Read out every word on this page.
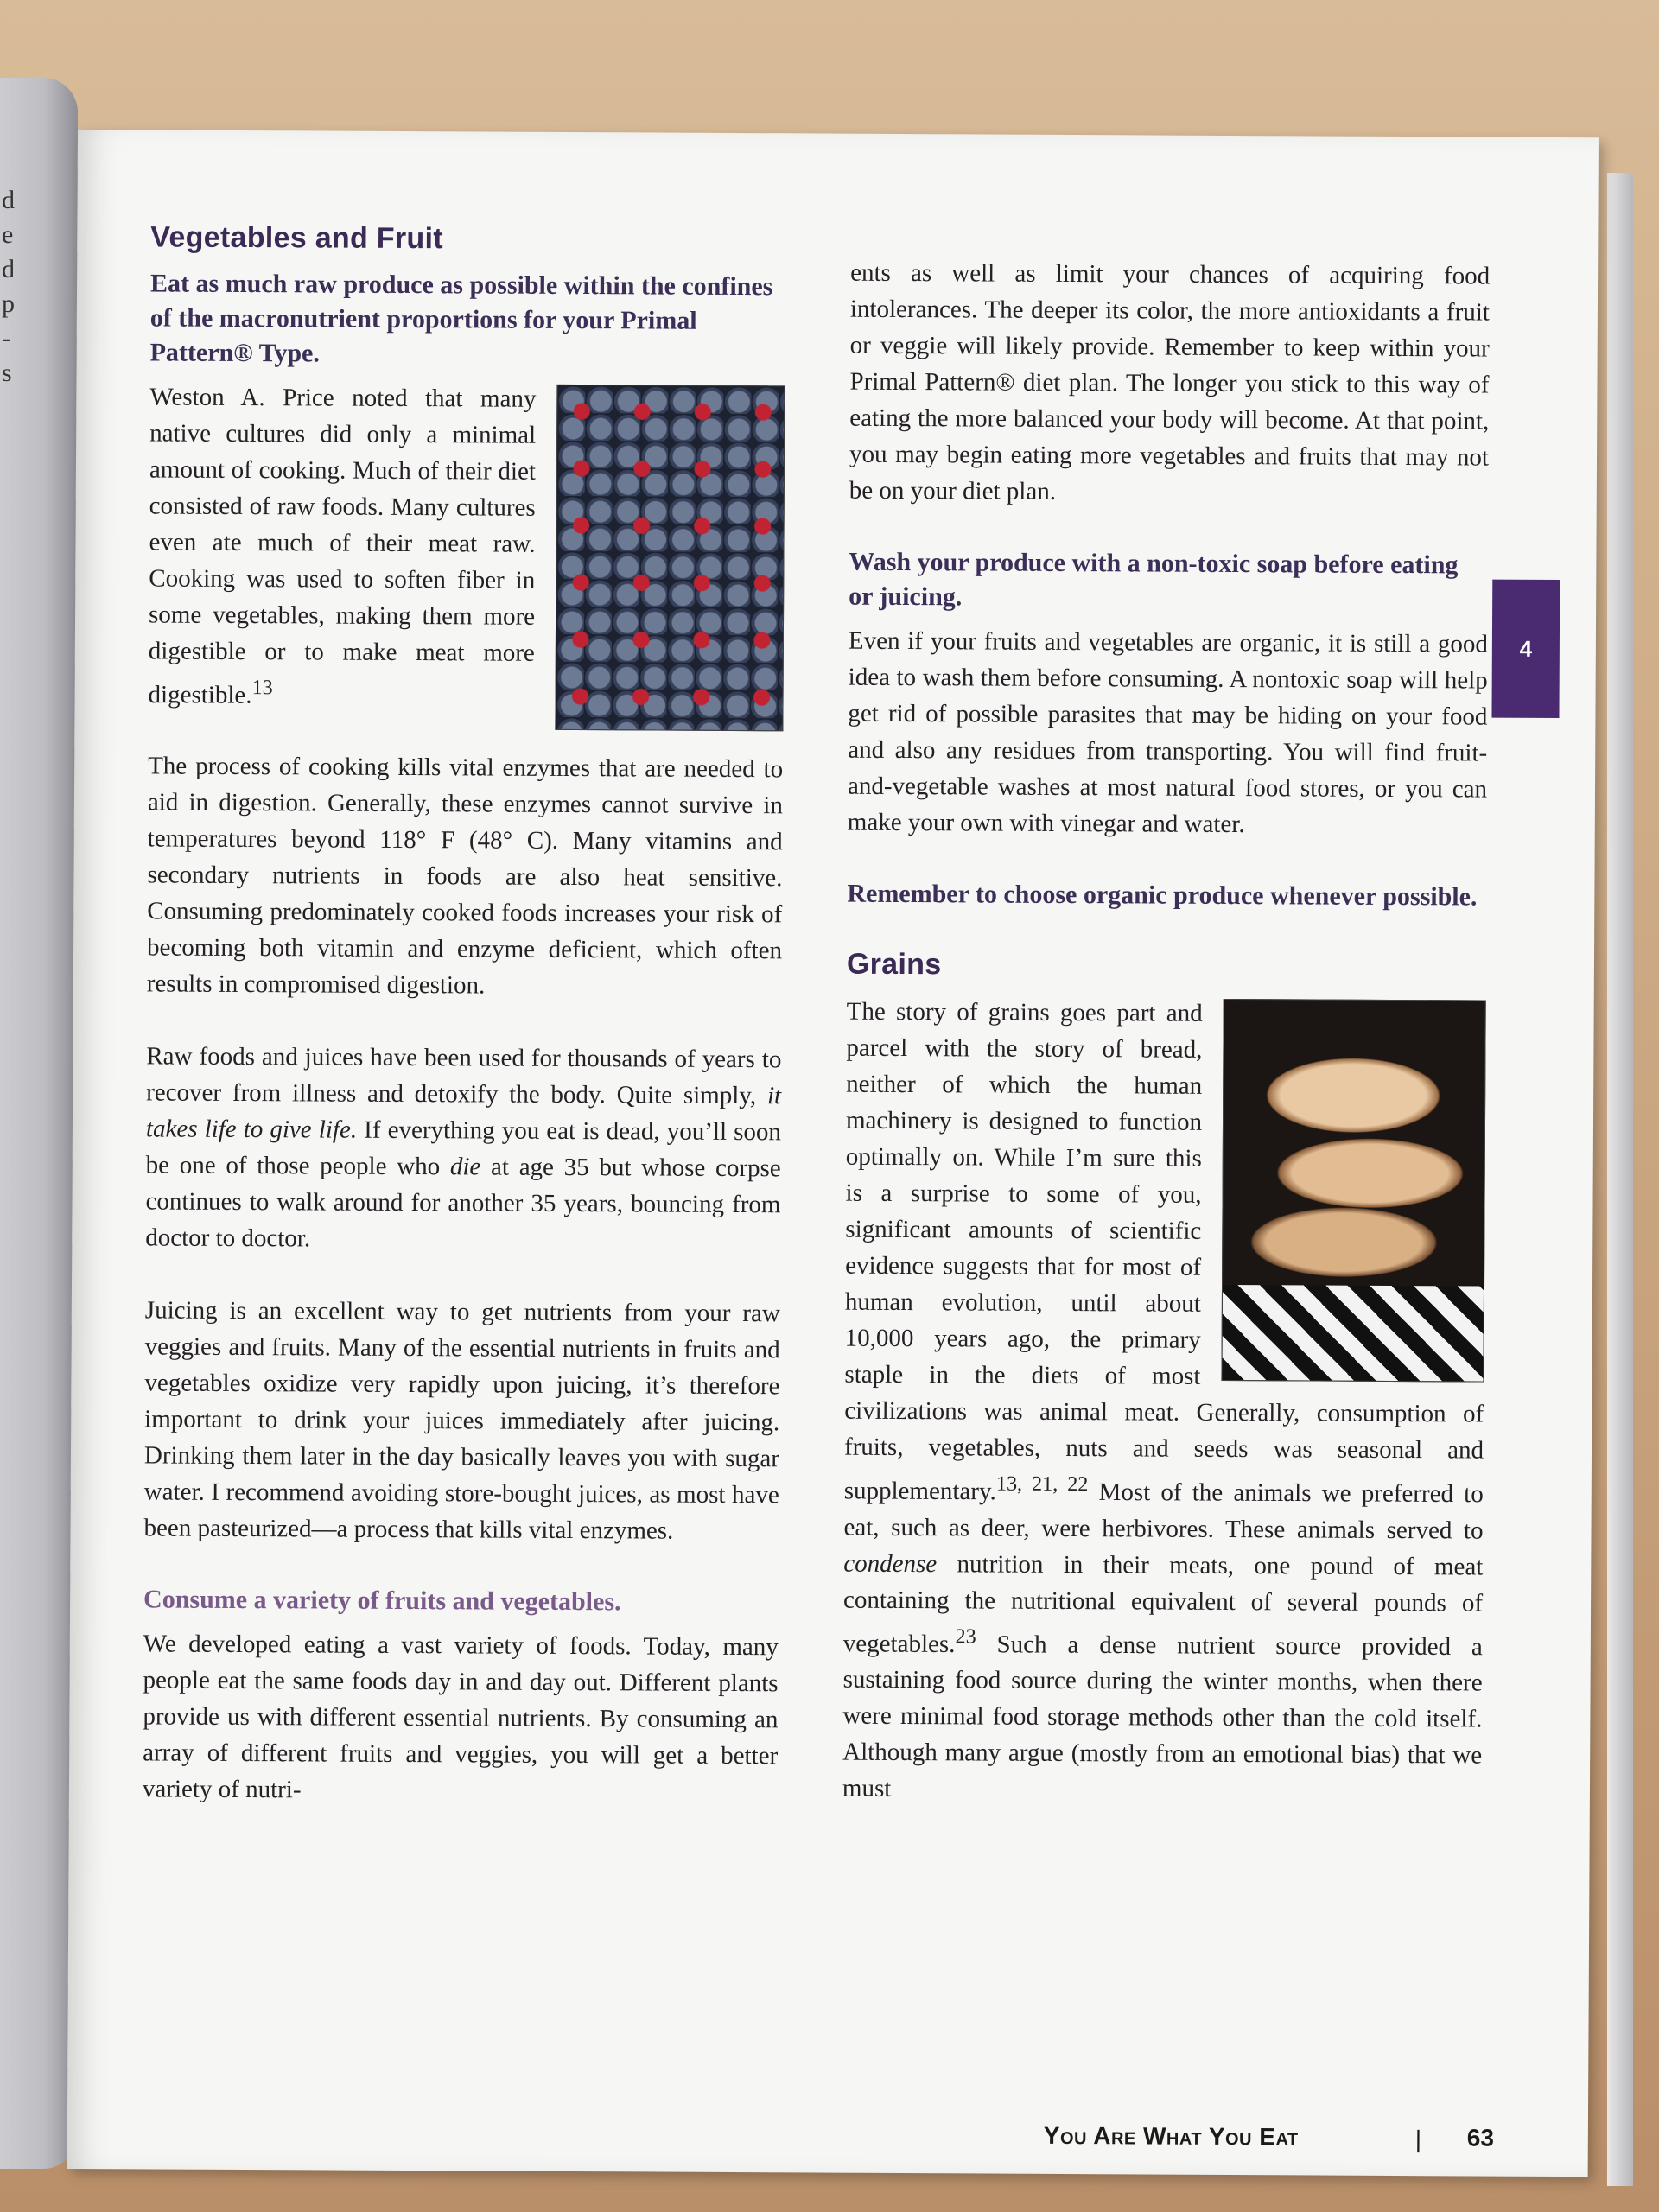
d
e
d
p
-
s
Vegetables and Fruit

Eat as much raw produce as possible within the confines of the macronutrient proportions for your Primal Pattern® Type.

Weston A. Price noted that many native cultures did only a minimal amount of cooking. Much of their diet consisted of raw foods. Many cultures even ate much of their meat raw. Cooking was used to soften fiber in some vegetables, making them more digestible or to make meat more digestible.$^{13}$

The process of cooking kills vital enzymes that are needed to aid in digestion. Generally, these enzymes cannot survive in temperatures beyond 118° F (48° C). Many vitamins and secondary nutrients in foods are also heat sensitive. Consuming predominately cooked foods increases your risk of becoming both vitamin and enzyme deficient, which often results in compromised digestion.

Raw foods and juices have been used for thousands of years to recover from illness and detoxify the body. Quite simply, it takes life to give life. If everything you eat is dead, you’ll soon be one of those people who die at age 35 but whose corpse continues to walk around for another 35 years, bouncing from doctor to doctor.

Juicing is an excellent way to get nutrients from your raw veggies and fruits. Many of the essential nutrients in fruits and vegetables oxidize very rapidly upon juicing, it’s therefore important to drink your juices immediately after juicing. Drinking them later in the day basically leaves you with sugar water. I recommend avoiding store-bought juices, as most have been pasteurized—a process that kills vital enzymes.

Consume a variety of fruits and vegetables.

We developed eating a vast variety of foods. Today, many people eat the same foods day in and day out. Different plants provide us with different essential nutrients. By consuming an array of different fruits and veggies, you will get a better variety of nutri-

4

ents as well as limit your chances of acquiring food intolerances. The deeper its color, the more antioxidants a fruit or veggie will likely provide. Remember to keep within your Primal Pattern® diet plan. The longer you stick to this way of eating the more balanced your body will become. At that point, you may begin eating more vegetables and fruits that may not be on your diet plan.

Wash your produce with a non-toxic soap before eating or juicing.

Even if your fruits and vegetables are organic, it is still a good idea to wash them before consuming. A nontoxic soap will help get rid of possible parasites that may be hiding on your food and also any residues from transporting. You will find fruit-and-vegetable washes at most natural food stores, or you can make your own with vinegar and water.

Remember to choose organic produce whenever possible.

Grains

The story of grains goes part and parcel with the story of bread, neither of which the human machinery is designed to function optimally on. While I’m sure this is a surprise to some of you, significant amounts of scientific evidence suggests that for most of human evolution, until about 10,000 years ago, the primary staple in the diets of most civilizations was animal meat. Generally, consumption of fruits, vegetables, nuts and seeds was seasonal and supplementary.$^{13, 21, 22}$ Most of the animals we preferred to eat, such as deer, were herbivores. These animals served to condense nutrition in their meats, one pound of meat containing the nutritional equivalent of several pounds of vegetables.$^{23}$ Such a dense nutrient source provided a sustaining food source during the winter months, when there were minimal food storage methods other than the cold itself. Although many argue (mostly from an emotional bias) that we must

You Are What You Eat	| 63
